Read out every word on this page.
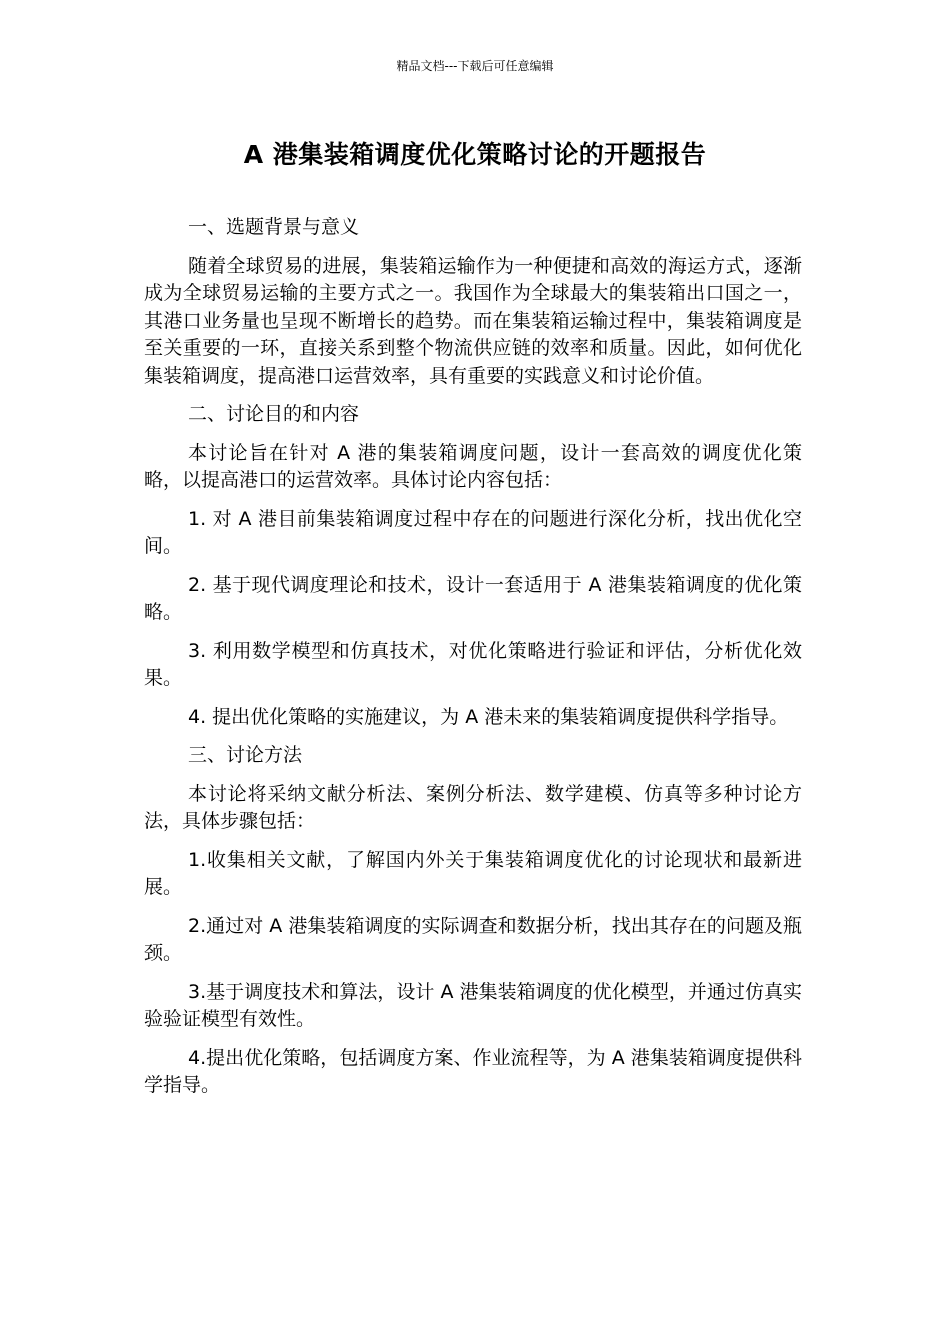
精品文档---下载后可任意编辑
A 港集装箱调度优化策略讨论的开题报告

一、选题背景与意义

随着全球贸易的进展，集装箱运输作为一种便捷和高效的海运方式，逐渐成为全球贸易运输的主要方式之一。我国作为全球最大的集装箱出口国之一，其港口业务量也呈现不断增长的趋势。而在集装箱运输过程中，集装箱调度是至关重要的一环，直接关系到整个物流供应链的效率和质量。因此，如何优化集装箱调度，提高港口运营效率，具有重要的实践意义和讨论价值。

二、讨论目的和内容

本讨论旨在针对 A 港的集装箱调度问题，设计一套高效的调度优化策略，以提高港口的运营效率。具体讨论内容包括：

1. 对 A 港目前集装箱调度过程中存在的问题进行深化分析，找出优化空间。

2. 基于现代调度理论和技术，设计一套适用于 A 港集装箱调度的优化策略。

3. 利用数学模型和仿真技术，对优化策略进行验证和评估，分析优化效果。

4. 提出优化策略的实施建议，为 A 港未来的集装箱调度提供科学指导。

三、讨论方法

本讨论将采纳文献分析法、案例分析法、数学建模、仿真等多种讨论方法，具体步骤包括：

1.收集相关文献，了解国内外关于集装箱调度优化的讨论现状和最新进展。

2.通过对 A 港集装箱调度的实际调查和数据分析，找出其存在的问题及瓶颈。

3.基于调度技术和算法，设计 A 港集装箱调度的优化模型，并通过仿真实验验证模型有效性。

4.提出优化策略，包括调度方案、作业流程等，为 A 港集装箱调度提供科学指导。
